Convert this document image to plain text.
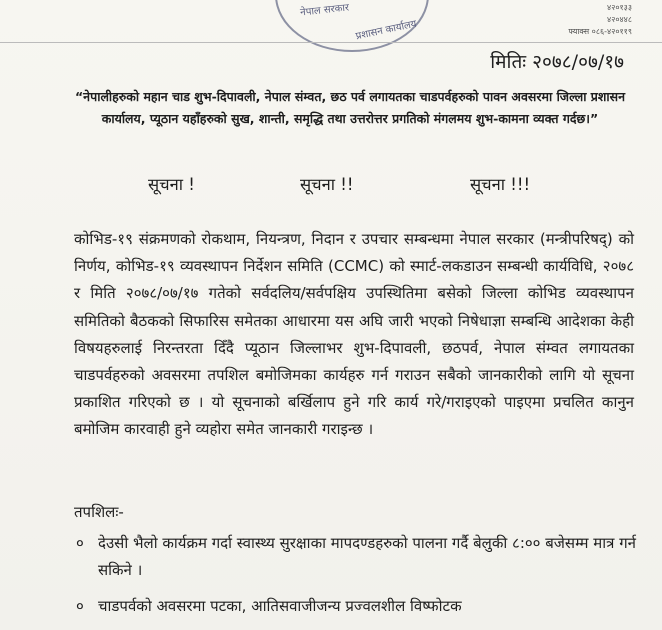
नेपाल सरकार
प्रशासन कार्यालय
४२०१३३
४२०४४८
फ्याक्स ०८६-४२०११९
मितिः २०७८/०७/१७
“नेपालीहरुको महान चाड शुभ-दिपावली, नेपाल संम्वत, छठ पर्व लगायतका चाडपर्वहरुको पावन अवसरमा जिल्ला प्रशासन कार्यालय, प्यूठान यहाँहरुको सुख, शान्ती, समृद्धि तथा उत्तरोत्तर प्रगतिको मंगलमय शुभ-कामना व्यक्त गर्दछ।”
सूचना !	सूचना !!	सूचना !!!
कोभिड-१९ संक्रमणको रोकथाम, नियन्त्रण, निदान र उपचार सम्बन्धमा नेपाल सरकार (मन्त्रीपरिषद्) को निर्णय, कोभिड-१९ व्यवस्थापन निर्देशन समिति (CCMC) को स्मार्ट-लकडाउन सम्बन्धी कार्यविधि, २०७८ र मिति २०७८/०७/१७ गतेको सर्वदलिय/सर्वपक्षिय उपस्थितिमा बसेको जिल्ला कोभिड व्यवस्थापन समितिको बैठकको सिफारिस समेतका आधारमा यस अघि जारी भएको निषेधाज्ञा सम्बन्धि आदेशका केही विषयहरुलाई निरन्तरता दिँदै प्यूठान जिल्लाभर शुभ-दिपावली, छठपर्व, नेपाल संम्वत लगायतका चाडपर्वहरुको अवसरमा तपशिल बमोजिमका कार्यहरु गर्न गराउन सबैको जानकारीको लागि यो सूचना प्रकाशित गरिएको छ । यो सूचनाको बर्खिलाप हुने गरि कार्य गरे/गराइएको पाइएमा प्रचलित कानुन बमोजिम कारवाही हुने व्यहोरा समेत जानकारी गराइन्छ ।
तपशिलः-
० देउसी भैलो कार्यक्रम गर्दा स्वास्थ्य सुरक्षाका मापदण्डहरुको पालना गर्दै बेलुकी ८:०० बजेसम्म मात्र गर्न सकिने ।
० चाडपर्वको अवसरमा पटका, आतिसवाजीजन्य प्रज्वलशील विष्फोटक
